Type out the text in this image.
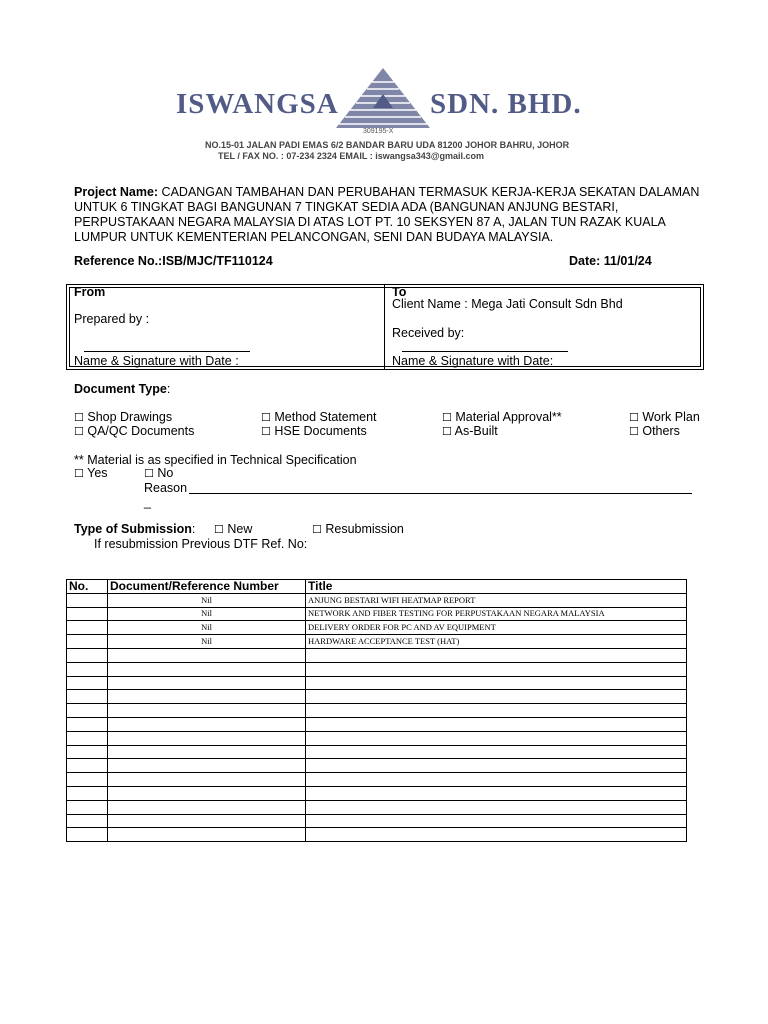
ISWANGSA	SDN. BHD.
309195-X
NO.15-01 JALAN PADI EMAS 6/2 BANDAR BARU UDA 81200 JOHOR BAHRU, JOHOR
TEL / FAX NO. : 07-234 2324 EMAIL : iswangsa343@gmail.com
Project Name: CADANGAN TAMBAHAN DAN PERUBAHAN TERMASUK KERJA-KERJA SEKATAN DALAMAN UNTUK 6 TINGKAT BAGI BANGUNAN 7 TINGKAT SEDIA ADA (BANGUNAN ANJUNG BESTARI, PERPUSTAKAAN NEGARA MALAYSIA DI ATAS LOT PT. 10 SEKSYEN 87 A, JALAN TUN RAZAK KUALA LUMPUR UNTUK KEMENTERIAN PELANCONGAN, SENI DAN BUDAYA MALAYSIA.
Reference No.:ISB/MJC/TF110124	Date: 11/01/24
From
Prepared by :
Name & Signature with Date :
To
Client Name : Mega Jati Consult Sdn Bhd
Received by:
Name & Signature with Date:
Document Type:
☐ Shop Drawings	☐ Method Statement	☐ Material Approval**	☐ Work Plan
☐ QA/QC Documents	☐ HSE Documents	☐ As-Built	☐ Others
** Material is as specified in Technical Specification
☐ Yes	☐ No
Reason
_
Type of Submission: ☐ New	☐ Resubmission
If resubmission Previous DTF Ref. No:
No.	Document/Reference Number	Title
	Nil	ANJUNG BESTARI WIFI HEATMAP REPORT
	Nil	NETWORK AND FIBER TESTING FOR PERPUSTAKAAN NEGARA MALAYSIA
	Nil	DELIVERY ORDER FOR PC AND AV EQUIPMENT
	Nil	HARDWARE ACCEPTANCE TEST (HAT)
